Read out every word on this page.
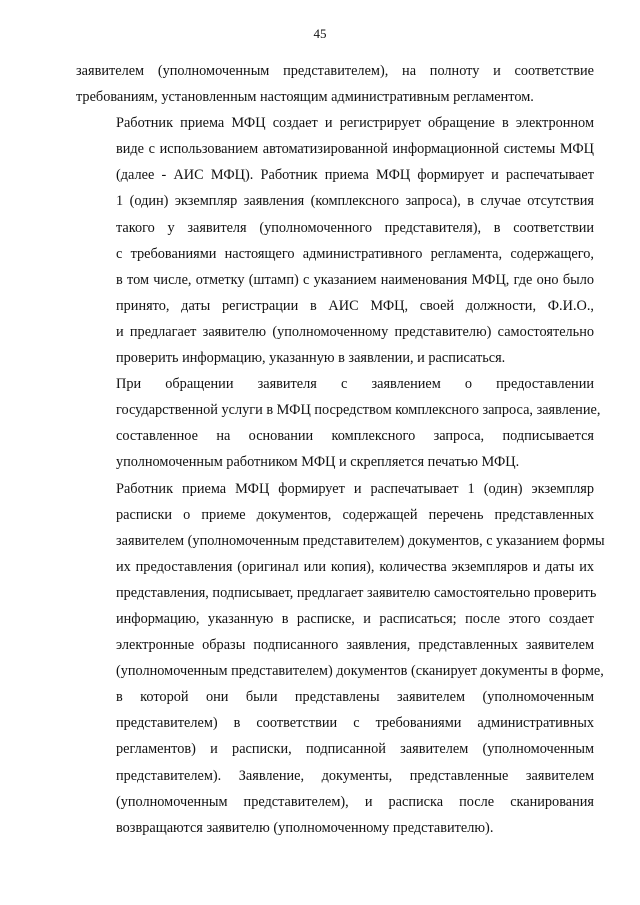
45

заявителем (уполномоченным представителем), на полноту и соответствие
требованиям, установленным настоящим административным регламентом.

Работник приема МФЦ создает и регистрирует обращение в электронном
виде с использованием автоматизированной информационной системы МФЦ
(далее - АИС МФЦ). Работник приема МФЦ формирует и распечатывает
1 (один) экземпляр заявления (комплексного запроса), в случае отсутствия
такого у заявителя (уполномоченного представителя), в соответствии
с требованиями настоящего административного регламента, содержащего,
в том числе, отметку (штамп) с указанием наименования МФЦ, где оно было
принято, даты регистрации в АИС МФЦ, своей должности, Ф.И.О.,
и предлагает заявителю (уполномоченному представителю) самостоятельно
проверить информацию, указанную в заявлении, и расписаться.

При обращении заявителя с заявлением о предоставлении
государственной услуги в МФЦ посредством комплексного запроса, заявление,
составленное на основании комплексного запроса, подписывается
уполномоченным работником МФЦ и скрепляется печатью МФЦ.

Работник приема МФЦ формирует и распечатывает 1 (один) экземпляр
расписки о приеме документов, содержащей перечень представленных
заявителем (уполномоченным представителем) документов, с указанием формы
их предоставления (оригинал или копия), количества экземпляров и даты их
представления, подписывает, предлагает заявителю самостоятельно проверить
информацию, указанную в расписке, и расписаться; после этого создает
электронные образы подписанного заявления, представленных заявителем
(уполномоченным представителем) документов (сканирует документы в форме,
в которой они были представлены заявителем (уполномоченным
представителем) в соответствии с требованиями административных
регламентов) и расписки, подписанной заявителем (уполномоченным
представителем). Заявление, документы, представленные заявителем
(уполномоченным представителем), и расписка после сканирования
возвращаются заявителю (уполномоченному представителю).
